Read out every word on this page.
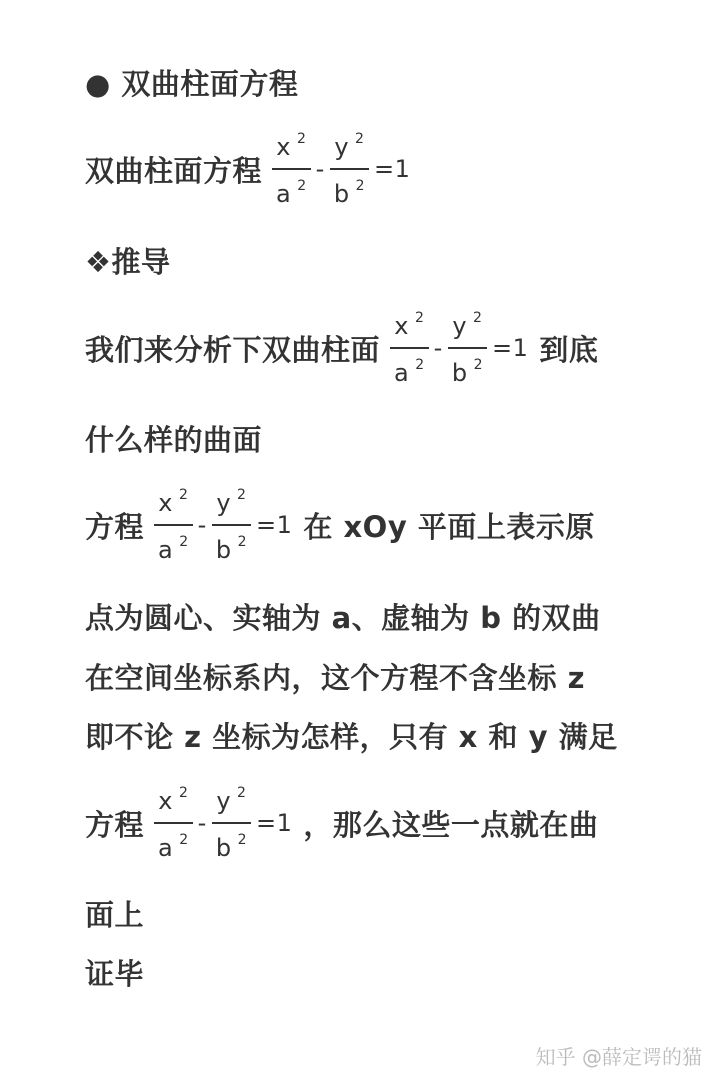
● 双曲柱面方程
双曲柱面方程 $\frac{x ^2}{a ^2} - \frac{y ^2}{b ^2} =1$
❖推导
我们来分析下双曲柱面 $\frac{x ^2}{a ^2} - \frac{y ^2}{b ^2} =1$ 到底
什么样的曲面
方程 $\frac{x ^2}{a ^2} - \frac{y ^2}{b ^2} =1$ 在 xOy 平面上表示原
点为圆心、实轴为 a、虚轴为 b 的双曲
在空间坐标系内，这个方程不含坐标 z
即不论 z 坐标为怎样，只有 x 和 y 满足
方程 $\frac{x ^2}{a ^2} - \frac{y ^2}{b ^2} =1$ ，那么这些一点就在曲
面上
证毕
知乎 @薛定谔的猫
